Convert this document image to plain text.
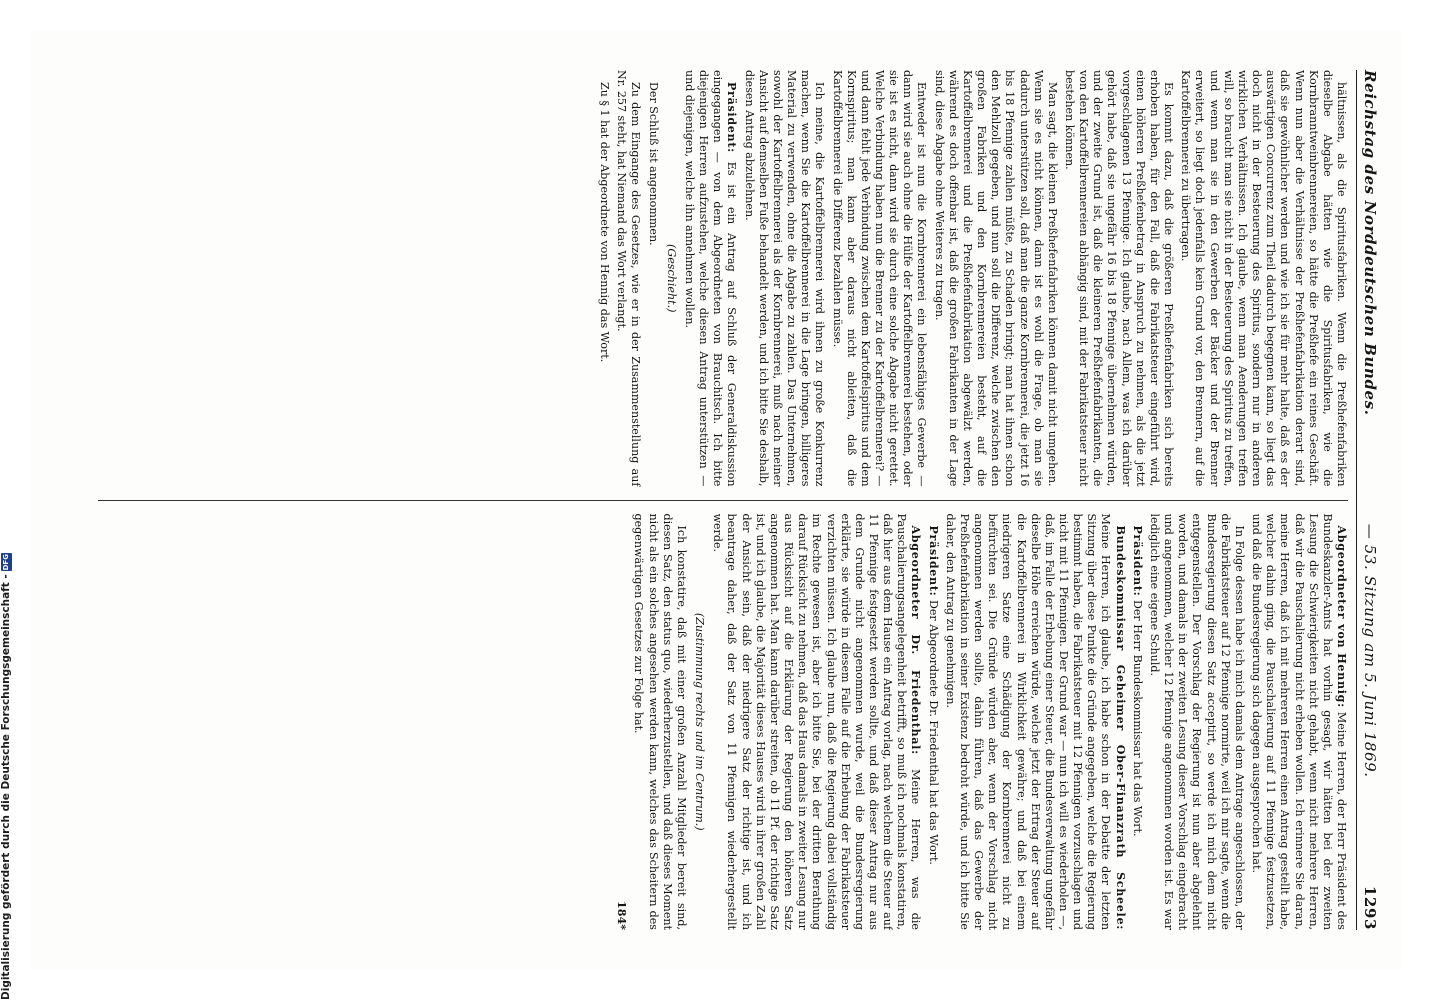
Reichstag des Norddeutschen Bundes.
— 53. Sitzung am 5. Juni 1869.
1293

hältnissen, als die Spiritusfabriken. Wenn die Preßhefenfabriken dieselbe Abgabe hätten wie die Spiritusfabriken, wie die Kornbranntweinbrennereien, so hätte die Preßhefe ein reines Geschäft. Wenn nun aber die Verhältnisse der Preßhefenfabrikation derart sind, daß sie gewöhnlicher werden und wie ich sie für mehr halte, daß es der auswärtigen Concurrenz zum Theil dadurch begegnen kann, so liegt das doch nicht in der Besteuerung des Spiritus, sondern nur in anderen wirklichen Verhältnissen. Ich glaube, wenn man Aenderungen treffen will, so braucht man sie nicht in der Besteuerung des Spiritus zu treffen, und wenn man sie in den Gewerben der Bäcker und der Brenner erweitert, so liegt doch jedenfalls kein Grund vor, den Brennern, auf die Kartoffelbrennerei zu übertragen.

Es kommt dazu, daß die größeren Preßhefenfabriken sich bereits erhoben haben, für den Fall, daß die Fabrikatsteuer eingeführt wird, einen höheren Preßhefenbetrag in Anspruch zu nehmen, als die jetzt vorgeschlagenen 13 Pfennige. Ich glaube, nach Allem, was ich darüber gehört habe, daß sie ungefähr 16 bis 18 Pfennige übernehmen würden, und der zweite Grund ist, daß die kleineren Preßhefenfabrikanten, die von den Kartoffelbrennereien abhängig sind, mit der Fabrikatsteuer nicht bestehen können.

Man sagt, die kleinen Preßhefenfabriken können damit nicht umgehen. Wenn sie es nicht können, dann ist es wohl die Frage, ob man sie dadurch unterstützen soll, daß man die ganze Kornbrennerei, die jetzt 16 bis 18 Pfennige zahlen müßte, zu Schaden bringt; man hat ihnen schon den Mehlzoll gegeben, und nun soll die Differenz, welche zwischen den großen Fabriken und den Kornbrennereien besteht, auf die Kartoffelbrennerei und die Preßhefenfabrikation abgewälzt werden, während es doch offenbar ist, daß die großen Fabrikanten in der Lage sind, diese Abgabe ohne Weiteres zu tragen.

Entweder ist nun die Kornbrennerei ein lebensfähiges Gewerbe — dann wird sie auch ohne die Hülfe der Kartoffelbrennerei bestehen, oder sie ist es nicht, dann wird sie durch eine solche Abgabe nicht gerettet. Welche Verbindung haben nun die Brenner zu der Kartoffelbrennerei? — und dann fehlt jede Verbindung zwischen dem Kartoffelspiritus und dem Kornspiritus; man kann aber daraus nicht ableiten, daß die Kartoffelbrennerei die Differenz bezahlen müsse.

Ich meine, die Kartoffelbrennerei wird ihnen zu große Konkurrenz machen, wenn Sie die Kartoffelbrennerei in die Lage bringen, billigeres Material zu verwenden, ohne die Abgabe zu zahlen. Das Unternehmen, sowohl der Kartoffelbrennerei als der Kornbrennerei, muß nach meiner Ansicht auf demselben Fuße behandelt werden, und ich bitte Sie deshalb, diesen Antrag abzulehnen.

Präsident: Es ist ein Antrag auf Schluß der Generaldiskussion eingegangen — von dem Abgeordneten von Brauchitsch. Ich bitte diejenigen Herren aufzustehen, welche diesen Antrag unterstützen — und diejenigen, welche ihn annehmen wollen.

(Geschieht.)

Der Schluß ist angenommen.

Zu dem Eingange des Gesetzes, wie er in der Zusammenstellung auf Nr. 257 steht, hat Niemand das Wort verlangt.

Zu § 1 hat der Abgeordnete von Hennig das Wort.

Abgeordneter von Hennig: Meine Herren, der Herr Präsident des Bundeskanzler-Amts hat vorhin gesagt, wir hätten bei der zweiten Lesung die Schwierigkeiten nicht gehabt, wenn nicht mehrere Herren, daß wir die Pauschalierung nicht erheben wollen. Ich erinnere Sie daran, meine Herren, daß ich mit mehreren Herren einen Antrag gestellt habe, welcher dahin ging, die Pauschalierung auf 11 Pfennige festzusetzen, und daß die Bundesregierung sich dagegen ausgesprochen hat.

In Folge dessen habe ich mich damals dem Antrage angeschlossen, der die Fabrikatsteuer auf 12 Pfennige normirte, weil ich mir sagte, wenn die Bundesregierung diesen Satz acceptirt, so werde ich mich dem nicht entgegenstellen. Der Vorschlag der Regierung ist nun aber abgelehnt worden, und damals in der zweiten Lesung dieser Vorschlag eingebracht und angenommen, welcher 12 Pfennige angenommen worden ist. Es war lediglich eine eigene Schuld.

Präsident: Der Herr Bundeskommissar hat das Wort.

Bundeskommissar Geheimer Ober-Finanzrath Scheele: Meine Herren, ich glaube, ich habe schon in der Debatte der letzten Sitzung über diese Punkte die Gründe angegeben, welche die Regierung bestimmt haben, die Fabrikatsteuer mit 12 Pfennigen vorzuschlagen und nicht mit 11 Pfennigen. Der Grund war — nun ich will es wiederholen —, daß, im Falle der Erhebung einer Steuer, die Bundesverwaltung ungefähr dieselbe Höhe erreichen würde, welche jetzt der Ertrag der Steuer auf die Kartoffelbrennerei in Wirklichkeit gewähre; und daß bei einem niedrigeren Satze eine Schädigung der Kornbrennerei nicht zu befürchten sei. Die Gründe würden aber, wenn der Vorschlag nicht angenommen werden sollte, dahin führen, daß das Gewerbe der Preßhefenfabrikation in seiner Existenz bedroht würde, und ich bitte Sie daher, den Antrag zu genehmigen.

Präsident: Der Abgeordnete Dr. Friedenthal hat das Wort.

Abgeordneter Dr. Friedenthal: Meine Herren, was die Pauschalierungsangelegenheit betrifft, so muß ich nochmals konstatiren, daß hier aus dem Hause ein Antrag vorlag, nach welchem die Steuer auf 11 Pfennige festgesetzt werden sollte, und daß dieser Antrag nur aus dem Grunde nicht angenommen wurde, weil die Bundesregierung erklärte, sie würde in diesem Falle auf die Erhebung der Fabrikatsteuer verzichten müssen. Ich glaube nun, daß die Regierung dabei vollständig im Rechte gewesen ist, aber ich bitte Sie, bei der dritten Berathung darauf Rücksicht zu nehmen, daß das Haus damals in zweiter Lesung nur aus Rücksicht auf die Erklärung der Regierung den höheren Satz angenommen hat. Man kann darüber streiten, ob 11 Pf. der richtige Satz ist, und ich glaube, die Majorität dieses Hauses wird in ihrer großen Zahl der Ansicht sein, daß der niedrigere Satz der richtige ist, und ich beantrage daher, daß der Satz von 11 Pfennigen wiederhergestellt werde.

(Zustimmung rechts und im Centrum.)

Ich konstatire, daß mit einer großen Anzahl Mitglieder bereit sind, diesen Satz, den status quo, wiederherzustellen, und daß dieses Moment nicht als ein solches angesehen werden kann, welches das Scheitern des gegenwärtigen Gesetzes zur Folge hat.

184*

Digitalisierung gefördert durch die Deutsche Forschungsgemeinschaft -
DFG
